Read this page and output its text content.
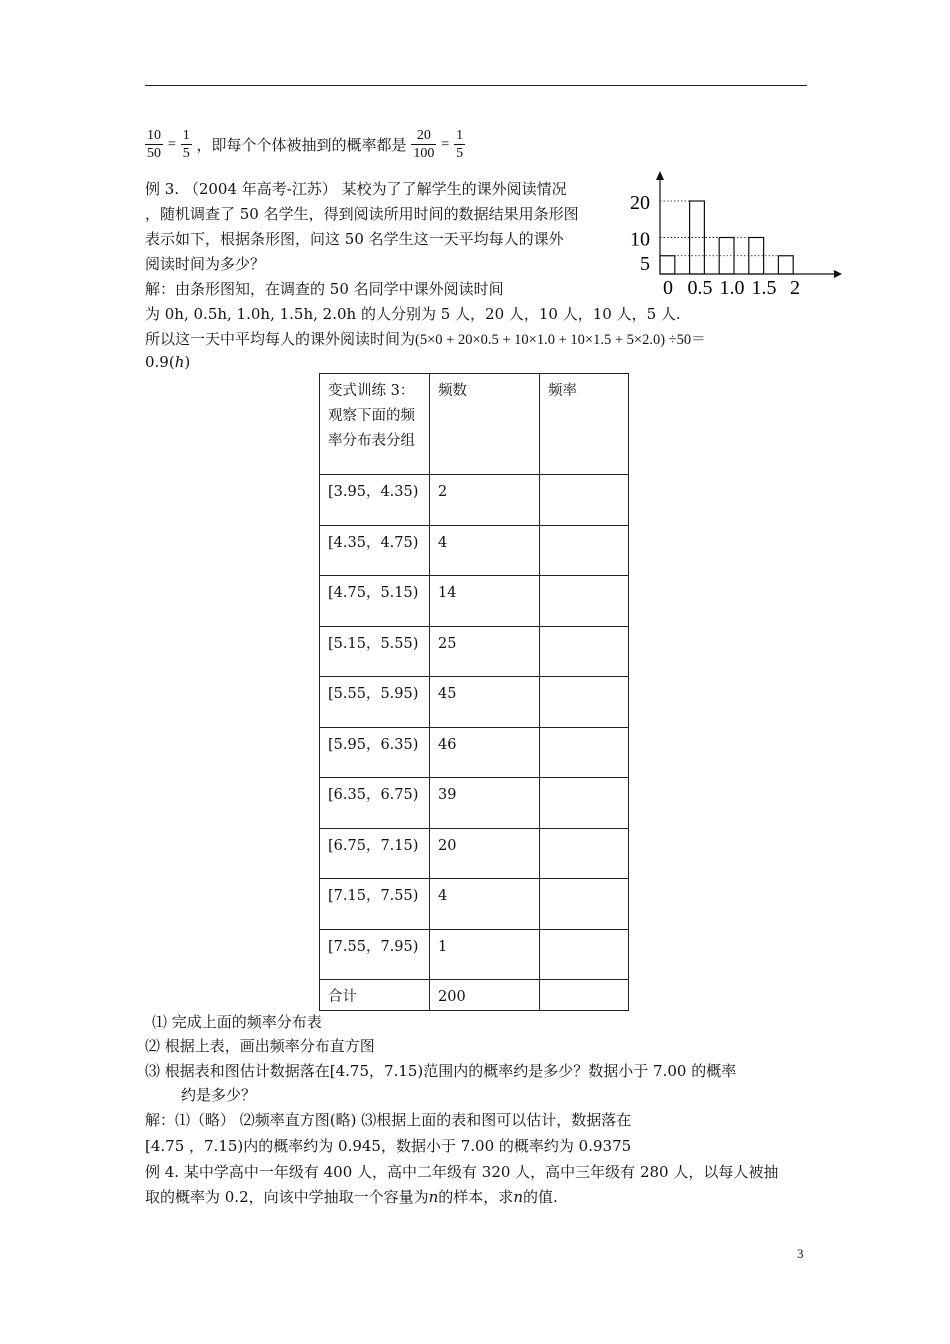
$\frac{10}{50} = \frac{1}{5}$ ，即每个个体被抽到的概率都是 $\frac{20}{100} = \frac{1}{5}$
例 3. （2004 年高考-江苏） 某校为了了解学生的课外阅读情况
，随机调查了 50 名学生，得到阅读所用时间的数据结果用条形图
表示如下，根据条形图，问这 50 名学生这一天平均每人的课外
阅读时间为多少？
解：由条形图知，在调查的 50 名同学中课外阅读时间
为 0h, 0.5h, 1.0h, 1.5h, 2.0h 的人分别为 5 人，20 人，10 人，10 人，5 人.
所以这一天中平均每人的课外阅读时间为(5×0 + 20×0.5 + 10×1.0 + 10×1.5 + 5×2.0) ÷50＝
0.9(h)
20
10
5
0 0.5 1.0 1.5 2
变式训练 3：观察下面的频率分布表分组	频数	频率
[3.95，4.35)	2	
[4.35，4.75)	4	
[4.75，5.15)	14	
[5.15，5.55)	25	
[5.55，5.95)	45	
[5.95，6.35)	46	
[6.35，6.75)	39	
[6.75，7.15)	20	
[7.15，7.55)	4	
[7.55，7.95)	1	
合计	200	
⑴ 完成上面的频率分布表
⑵ 根据上表，画出频率分布直方图
⑶ 根据表和图估计数据落在[4.75，7.15)范围内的概率约是多少？数据小于 7.00 的概率
约是多少？
解：⑴（略） ⑵频率直方图(略) ⑶根据上面的表和图可以估计，数据落在
[4.75 ，7.15)内的概率约为 0.945，数据小于 7.00 的概率约为 0.9375
例 4. 某中学高中一年级有 400 人，高中二年级有 320 人，高中三年级有 280 人，以每人被抽
取的概率为 0.2，向该中学抽取一个容量为n的样本，求n的值.
3
